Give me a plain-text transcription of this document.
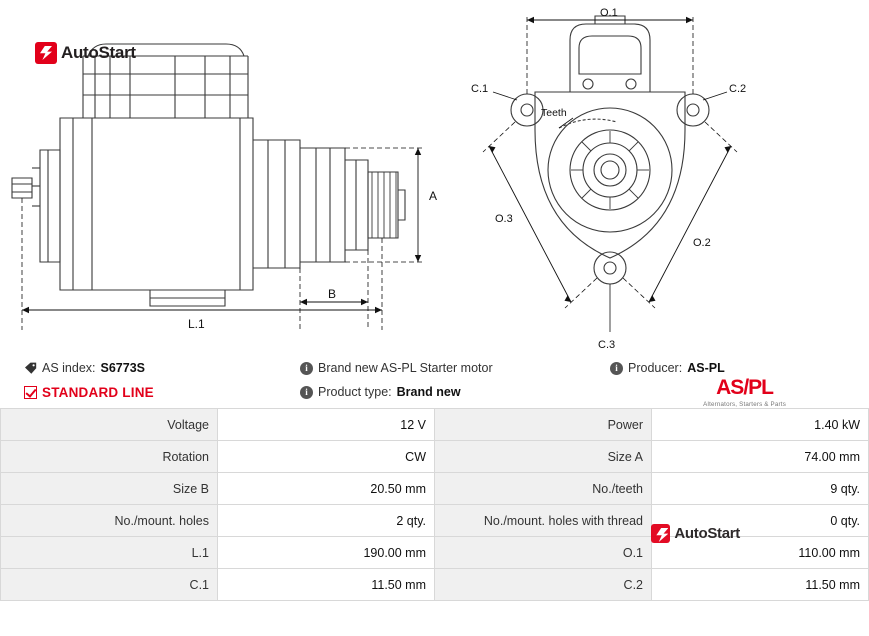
A
B
L.1
AutoStart
Teeth
O.1
C.1	C.2
C.3
O.3
O.2
AS index: S6773S	i Brand new AS-PL Starter motor	i Producer: AS-PL
STANDARD LINE	i Product type: Brand new	AS/PL
Alternators, Starters & Parts
Voltage	12 V	Power	1.40 kW
Rotation	CW	Size A	74.00 mm
Size B	20.50 mm	No./teeth	9 qty.
No./mount. holes	2 qty.	No./mount. holes with thread	0 qty.
L.1	190.00 mm	O.1	110.00 mm
C.1	11.50 mm	C.2	11.50 mm
AutoStart
